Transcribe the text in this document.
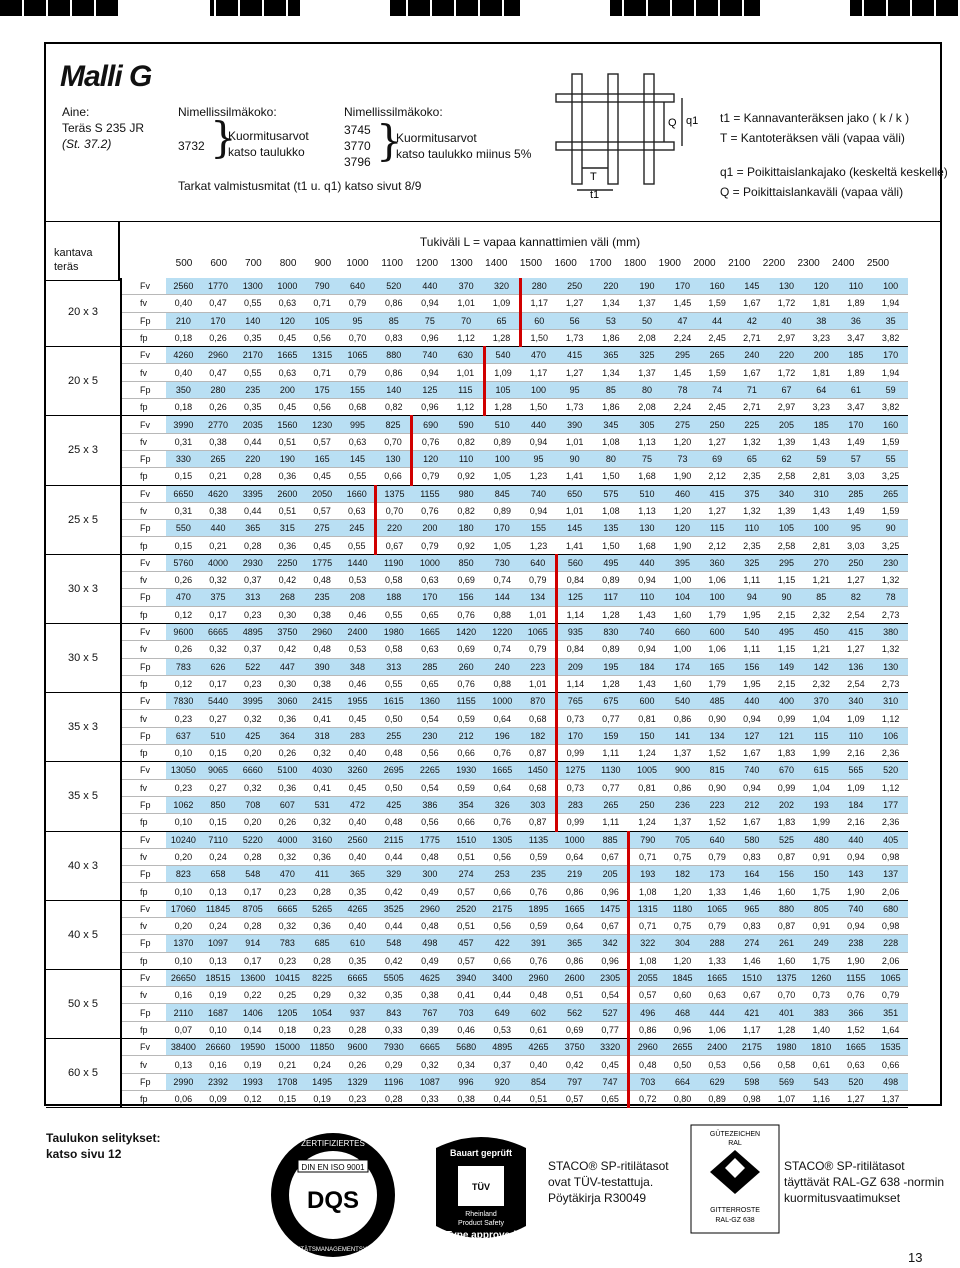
Malli G
Aine:
Teräs S 235 JR
(St. 37.2)
Nimellissilmäkoko:
3732 }
Kuormitusarvot
katso taulukko
Nimellissilmäkoko:
3745
3770
3796 }
Kuormitusarvot
katso taulukko miinus 5%
Tarkat valmistusmitat (t1 u. q1) katso sivut 8/9
Q q1
T
t1
t1 = Kannavanteräksen jako ( k / k )
T = Kantoteräksen väli (vapaa väli)
q1 = Poikittaislankajako (keskeltä keskelle)
Q = Poikittaislankaväli (vapaa väli)
kantava
teräs
Tukiväli L = vapaa kannattimien väli (mm)
500	600	700	800	900	1000	1100	1200	1300	1400	1500	1600	1700	1800	1900	2000	2100	2200	2300	2400	2500
20 x 3	Fv	2560	1770	1300	1000	790	640	520	440	370	320	280	250	220	190	170	160	145	130	120	110	100
	fv	0,40	0,47	0,55	0,63	0,71	0,79	0,86	0,94	1,01	1,09	1,17	1,27	1,34	1,37	1,45	1,59	1,67	1,72	1,81	1,89	1,94
	Fp	210	170	140	120	105	95	85	75	70	65	60	56	53	50	47	44	42	40	38	36	35
	fp	0,18	0,26	0,35	0,45	0,56	0,70	0,83	0,96	1,12	1,28	1,50	1,73	1,86	2,08	2,24	2,45	2,71	2,97	3,23	3,47	3,82
20 x 5	Fv	4260	2960	2170	1665	1315	1065	880	740	630	540	470	415	365	325	295	265	240	220	200	185	170
	fv	0,40	0,47	0,55	0,63	0,71	0,79	0,86	0,94	1,01	1,09	1,17	1,27	1,34	1,37	1,45	1,59	1,67	1,72	1,81	1,89	1,94
	Fp	350	280	235	200	175	155	140	125	115	105	100	95	85	80	78	74	71	67	64	61	59
	fp	0,18	0,26	0,35	0,45	0,56	0,68	0,82	0,96	1,12	1,28	1,50	1,73	1,86	2,08	2,24	2,45	2,71	2,97	3,23	3,47	3,82
25 x 3	Fv	3990	2770	2035	1560	1230	995	825	690	590	510	440	390	345	305	275	250	225	205	185	170	160
	fv	0,31	0,38	0,44	0,51	0,57	0,63	0,70	0,76	0,82	0,89	0,94	1,01	1,08	1,13	1,20	1,27	1,32	1,39	1,43	1,49	1,59
	Fp	330	265	220	190	165	145	130	120	110	100	95	90	80	75	73	69	65	62	59	57	55
	fp	0,15	0,21	0,28	0,36	0,45	0,55	0,66	0,79	0,92	1,05	1,23	1,41	1,50	1,68	1,90	2,12	2,35	2,58	2,81	3,03	3,25
25 x 5	Fv	6650	4620	3395	2600	2050	1660	1375	1155	980	845	740	650	575	510	460	415	375	340	310	285	265
	fv	0,31	0,38	0,44	0,51	0,57	0,63	0,70	0,76	0,82	0,89	0,94	1,01	1,08	1,13	1,20	1,27	1,32	1,39	1,43	1,49	1,59
	Fp	550	440	365	315	275	245	220	200	180	170	155	145	135	130	120	115	110	105	100	95	90
	fp	0,15	0,21	0,28	0,36	0,45	0,55	0,67	0,79	0,92	1,05	1,23	1,41	1,50	1,68	1,90	2,12	2,35	2,58	2,81	3,03	3,25
30 x 3	Fv	5760	4000	2930	2250	1775	1440	1190	1000	850	730	640	560	495	440	395	360	325	295	270	250	230
	fv	0,26	0,32	0,37	0,42	0,48	0,53	0,58	0,63	0,69	0,74	0,79	0,84	0,89	0,94	1,00	1,06	1,11	1,15	1,21	1,27	1,32
	Fp	470	375	313	268	235	208	188	170	156	144	134	125	117	110	104	100	94	90	85	82	78
	fp	0,12	0,17	0,23	0,30	0,38	0,46	0,55	0,65	0,76	0,88	1,01	1,14	1,28	1,43	1,60	1,79	1,95	2,15	2,32	2,54	2,73
30 x 5	Fv	9600	6665	4895	3750	2960	2400	1980	1665	1420	1220	1065	935	830	740	660	600	540	495	450	415	380
	fv	0,26	0,32	0,37	0,42	0,48	0,53	0,58	0,63	0,69	0,74	0,79	0,84	0,89	0,94	1,00	1,06	1,11	1,15	1,21	1,27	1,32
	Fp	783	626	522	447	390	348	313	285	260	240	223	209	195	184	174	165	156	149	142	136	130
	fp	0,12	0,17	0,23	0,30	0,38	0,46	0,55	0,65	0,76	0,88	1,01	1,14	1,28	1,43	1,60	1,79	1,95	2,15	2,32	2,54	2,73
35 x 3	Fv	7830	5440	3995	3060	2415	1955	1615	1360	1155	1000	870	765	675	600	540	485	440	400	370	340	310
	fv	0,23	0,27	0,32	0,36	0,41	0,45	0,50	0,54	0,59	0,64	0,68	0,73	0,77	0,81	0,86	0,90	0,94	0,99	1,04	1,09	1,12
	Fp	637	510	425	364	318	283	255	230	212	196	182	170	159	150	141	134	127	121	115	110	106
	fp	0,10	0,15	0,20	0,26	0,32	0,40	0,48	0,56	0,66	0,76	0,87	0,99	1,11	1,24	1,37	1,52	1,67	1,83	1,99	2,16	2,36
35 x 5	Fv	13050	9065	6660	5100	4030	3260	2695	2265	1930	1665	1450	1275	1130	1005	900	815	740	670	615	565	520
	fv	0,23	0,27	0,32	0,36	0,41	0,45	0,50	0,54	0,59	0,64	0,68	0,73	0,77	0,81	0,86	0,90	0,94	0,99	1,04	1,09	1,12
	Fp	1062	850	708	607	531	472	425	386	354	326	303	283	265	250	236	223	212	202	193	184	177
	fp	0,10	0,15	0,20	0,26	0,32	0,40	0,48	0,56	0,66	0,76	0,87	0,99	1,11	1,24	1,37	1,52	1,67	1,83	1,99	2,16	2,36
40 x 3	Fv	10240	7110	5220	4000	3160	2560	2115	1775	1510	1305	1135	1000	885	790	705	640	580	525	480	440	405
	fv	0,20	0,24	0,28	0,32	0,36	0,40	0,44	0,48	0,51	0,56	0,59	0,64	0,67	0,71	0,75	0,79	0,83	0,87	0,91	0,94	0,98
	Fp	823	658	548	470	411	365	329	300	274	253	235	219	205	193	182	173	164	156	150	143	137
	fp	0,10	0,13	0,17	0,23	0,28	0,35	0,42	0,49	0,57	0,66	0,76	0,86	0,96	1,08	1,20	1,33	1,46	1,60	1,75	1,90	2,06
40 x 5	Fv	17060	11845	8705	6665	5265	4265	3525	2960	2520	2175	1895	1665	1475	1315	1180	1065	965	880	805	740	680
	fv	0,20	0,24	0,28	0,32	0,36	0,40	0,44	0,48	0,51	0,56	0,59	0,64	0,67	0,71	0,75	0,79	0,83	0,87	0,91	0,94	0,98
	Fp	1370	1097	914	783	685	610	548	498	457	422	391	365	342	322	304	288	274	261	249	238	228
	fp	0,10	0,13	0,17	0,23	0,28	0,35	0,42	0,49	0,57	0,66	0,76	0,86	0,96	1,08	1,20	1,33	1,46	1,60	1,75	1,90	2,06
50 x 5	Fv	26650	18515	13600	10415	8225	6665	5505	4625	3940	3400	2960	2600	2305	2055	1845	1665	1510	1375	1260	1155	1065
	fv	0,16	0,19	0,22	0,25	0,29	0,32	0,35	0,38	0,41	0,44	0,48	0,51	0,54	0,57	0,60	0,63	0,67	0,70	0,73	0,76	0,79
	Fp	2110	1687	1406	1205	1054	937	843	767	703	649	602	562	527	496	468	444	421	401	383	366	351
	fp	0,07	0,10	0,14	0,18	0,23	0,28	0,33	0,39	0,46	0,53	0,61	0,69	0,77	0,86	0,96	1,06	1,17	1,28	1,40	1,52	1,64
60 x 5	Fv	38400	26660	19590	15000	11850	9600	7930	6665	5680	4895	4265	3750	3320	2960	2655	2400	2175	1980	1810	1665	1535
	fv	0,13	0,16	0,19	0,21	0,24	0,26	0,29	0,32	0,34	0,37	0,40	0,42	0,45	0,48	0,50	0,53	0,56	0,58	0,61	0,63	0,66
	Fp	2990	2392	1993	1708	1495	1329	1196	1087	996	920	854	797	747	703	664	629	598	569	543	520	498
	fp	0,06	0,09	0,12	0,15	0,19	0,23	0,28	0,33	0,38	0,44	0,51	0,57	0,65	0,72	0,80	0,89	0,98	1,07	1,16	1,27	1,37
Taulukon selitykset:
katso sivu 12
DIN EN ISO 9001
DQS
ZERTIFIZIERTES
QUALITÄTSMANAGEMENTSYSTEM
Bauart geprüft
TÜV
Rheinland
Product Safety
Type approved
STACO® SP-ritilätasot
ovat TÜV-testattuja.
Pöytäkirja R30049
GÜTEZEICHEN
RAL
GITTERROSTE
RAL-GZ 638
STACO® SP-ritilätasot
täyttävät RAL-GZ 638 -normin
kuormitusvaatimukset
13
